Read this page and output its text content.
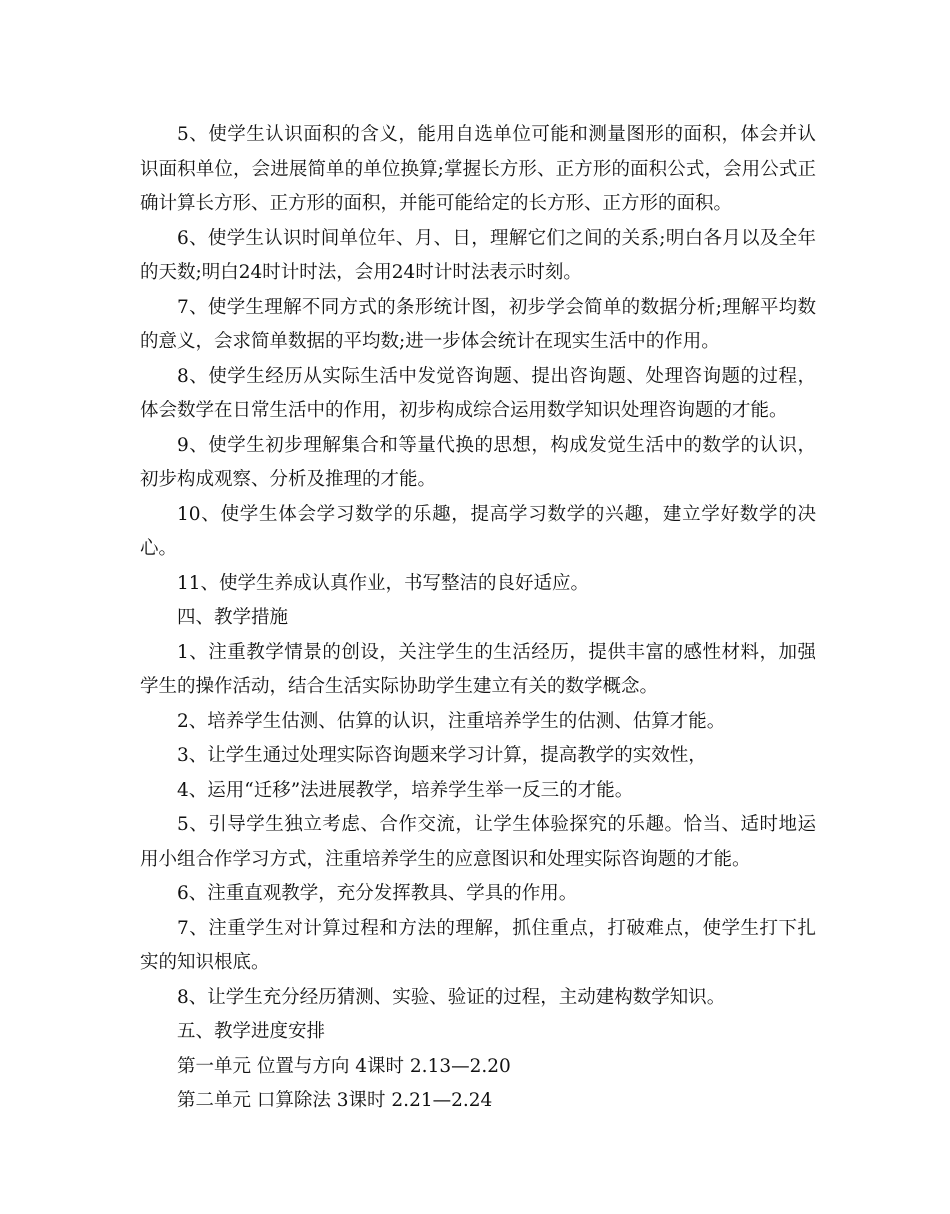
5、使学生认识面积的含义，能用自选单位可能和测量图形的面积，体会并认识面积单位，会进展简单的单位换算;掌握长方形、正方形的面积公式，会用公式正确计算长方形、正方形的面积，并能可能给定的长方形、正方形的面积。

6、使学生认识时间单位年、月、日，理解它们之间的关系;明白各月以及全年的天数;明白24时计时法，会用24时计时法表示时刻。

7、使学生理解不同方式的条形统计图，初步学会简单的数据分析;理解平均数的意义，会求简单数据的平均数;进一步体会统计在现实生活中的作用。

8、使学生经历从实际生活中发觉咨询题、提出咨询题、处理咨询题的过程，体会数学在日常生活中的作用，初步构成综合运用数学知识处理咨询题的才能。

9、使学生初步理解集合和等量代换的思想，构成发觉生活中的数学的认识，初步构成观察、分析及推理的才能。

10、使学生体会学习数学的乐趣，提高学习数学的兴趣，建立学好数学的决心。

11、使学生养成认真作业，书写整洁的良好适应。

四、教学措施

1、注重教学情景的创设，关注学生的生活经历，提供丰富的感性材料，加强学生的操作活动，结合生活实际协助学生建立有关的数学概念。

2、培养学生估测、估算的认识，注重培养学生的估测、估算才能。

3、让学生通过处理实际咨询题来学习计算，提高教学的实效性，

4、运用“迁移”法进展教学，培养学生举一反三的才能。

5、引导学生独立考虑、合作交流，让学生体验探究的乐趣。恰当、适时地运用小组合作学习方式，注重培养学生的应意图识和处理实际咨询题的才能。

6、注重直观教学，充分发挥教具、学具的作用。

7、注重学生对计算过程和方法的理解，抓住重点，打破难点，使学生打下扎实的知识根底。

8、让学生充分经历猜测、实验、验证的过程，主动建构数学知识。

五、教学进度安排

第一单元 位置与方向 4课时 2.13—2.20

第二单元 口算除法 3课时 2.21—2.24
